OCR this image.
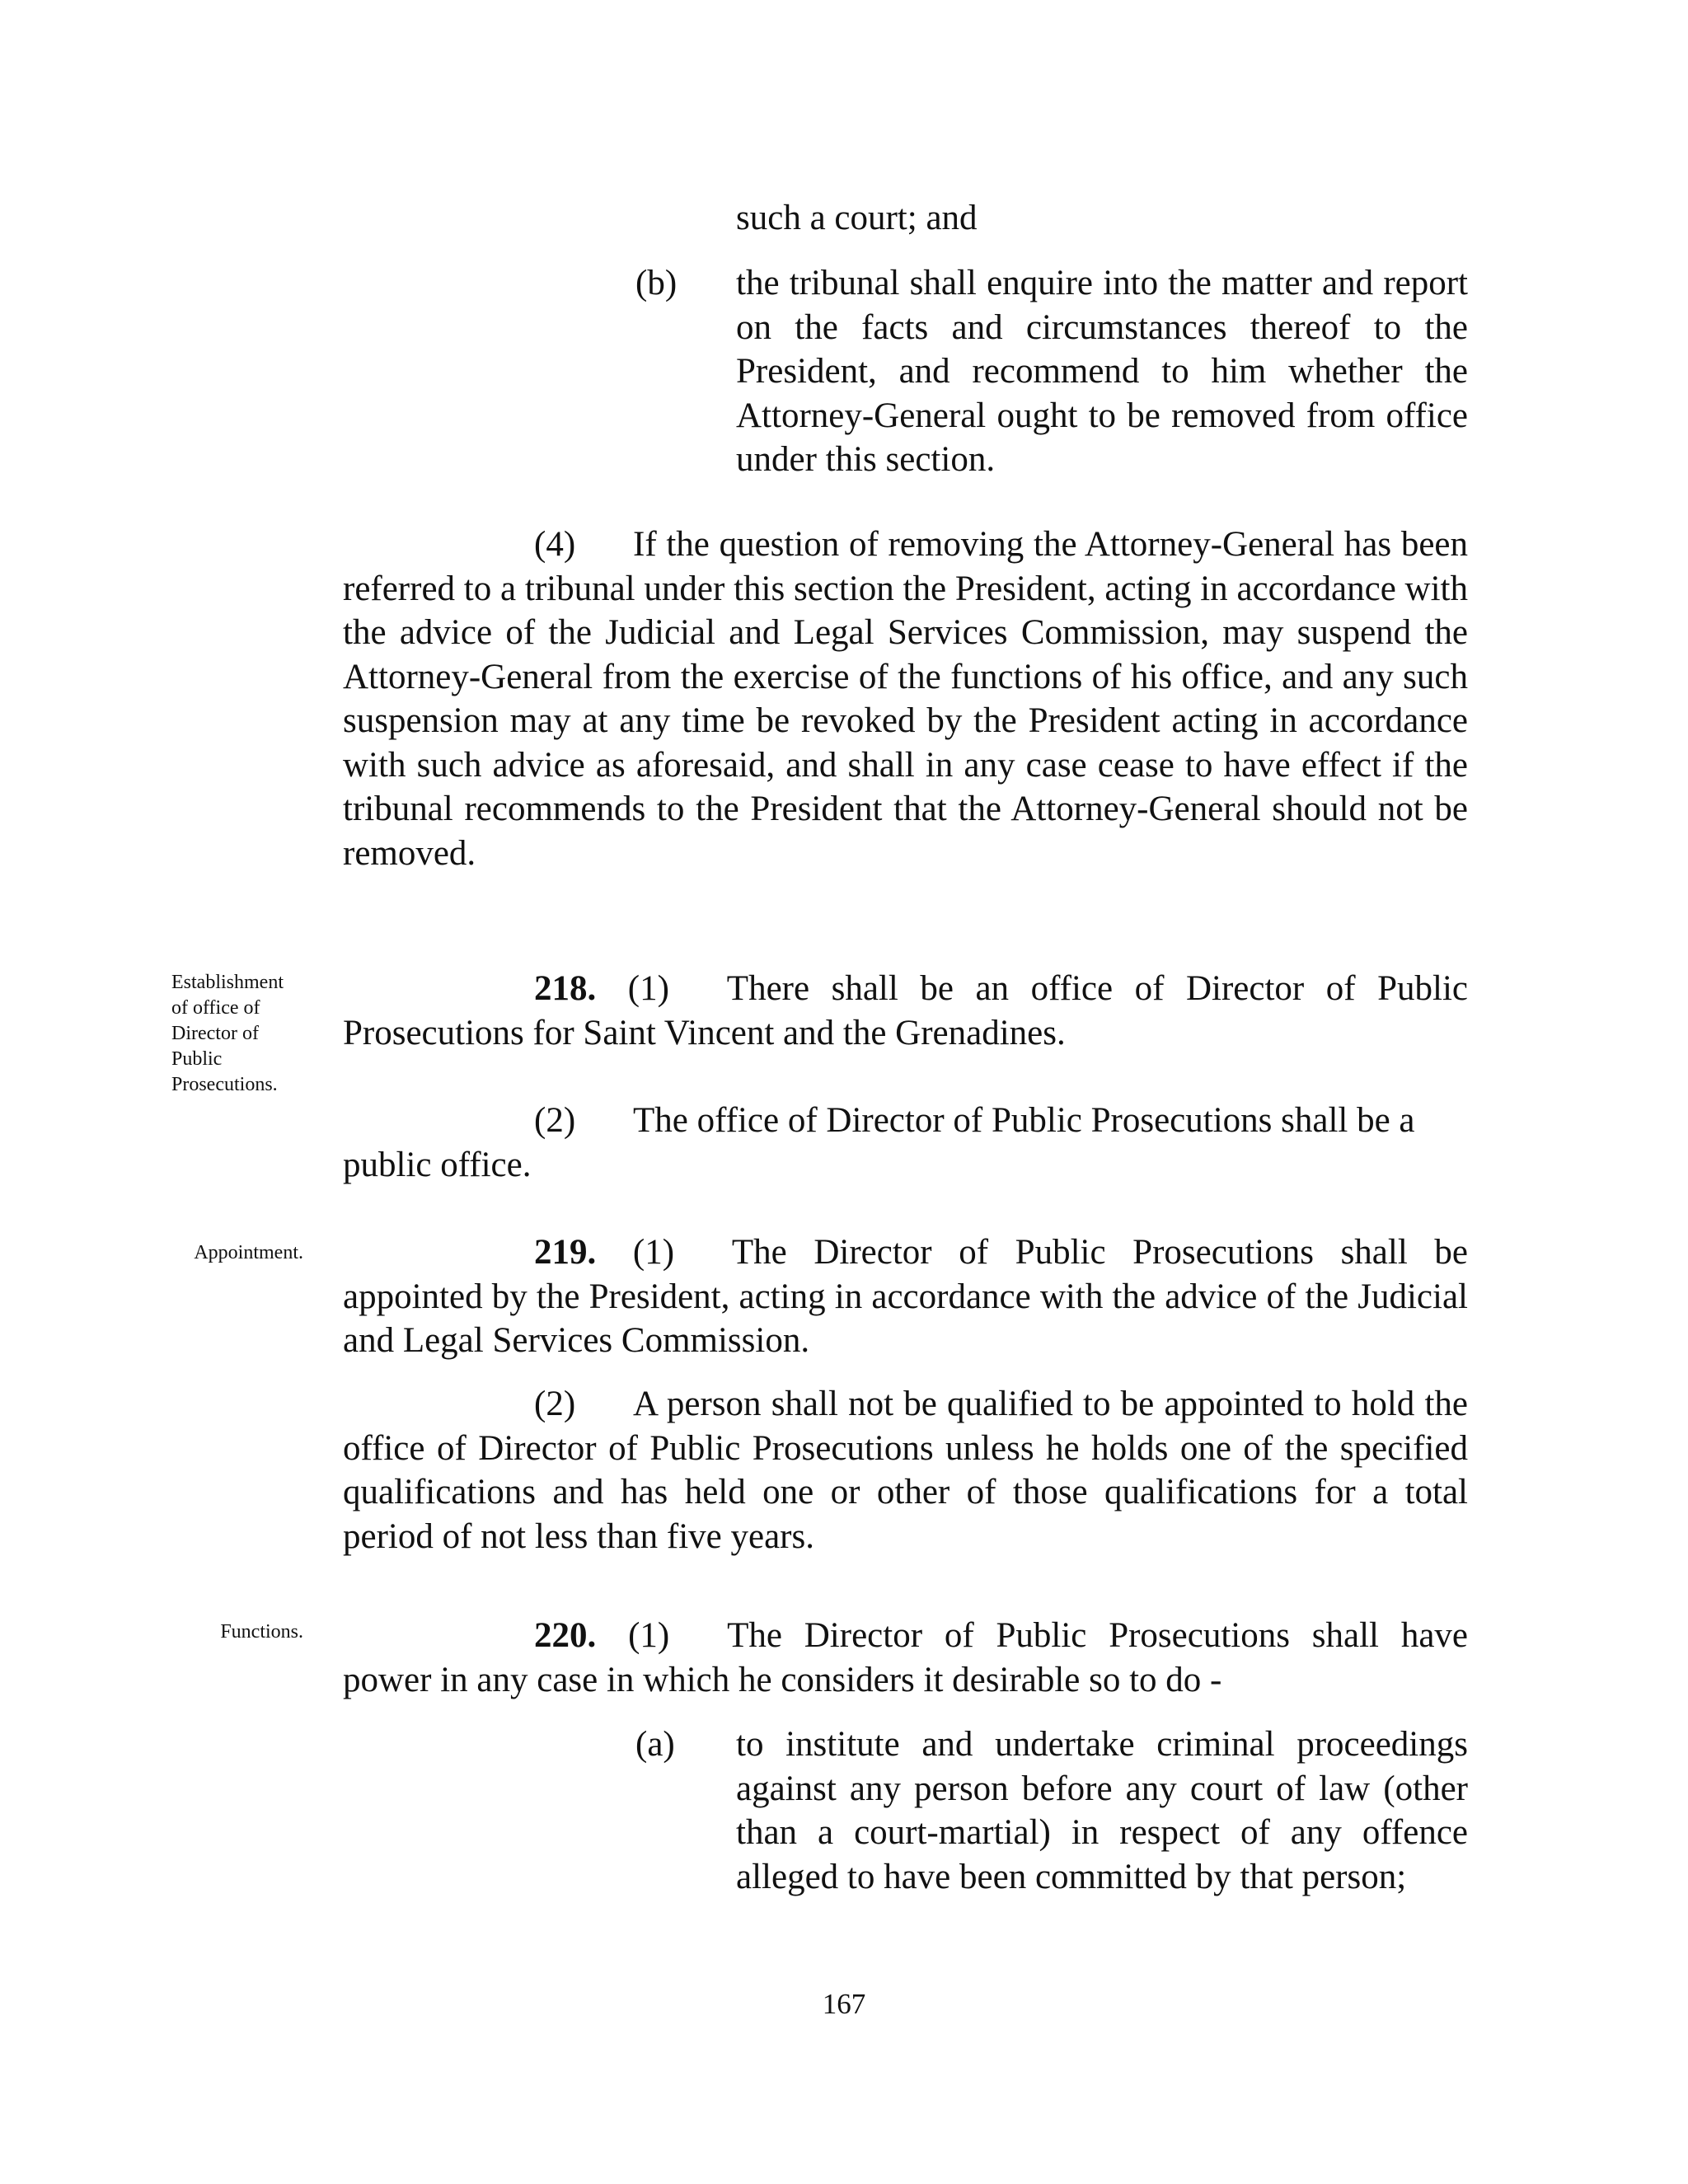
such a court; and
(b) the tribunal shall enquire into the matter and report on the facts and circumstances thereof to the President, and recommend to him whether the Attorney-General ought to be removed from office under this section.
(4) If the question of removing the Attorney-General has been referred to a tribunal under this section the President, acting in accordance with the advice of the Judicial and Legal Services Commission, may suspend the Attorney-General from the exercise of the functions of his office, and any such suspension may at any time be revoked by the President acting in accordance with such advice as aforesaid, and shall in any case cease to have effect if the tribunal recommends to the President that the Attorney-General should not be removed.
Establishment of office of Director of Public Prosecutions.
218. (1) There shall be an office of Director of Public Prosecutions for Saint Vincent and the Grenadines.
(2) The office of Director of Public Prosecutions shall be a public office.
Appointment.	219. (1) The Director of Public Prosecutions shall be appointed by the President, acting in accordance with the advice of the Judicial and Legal Services Commission.
(2) A person shall not be qualified to be appointed to hold the office of Director of Public Prosecutions unless he holds one of the specified qualifications and has held one or other of those qualifications for a total period of not less than five years.
Functions.	220. (1) The Director of Public Prosecutions shall have power in any case in which he considers it desirable so to do -
(a) to institute and undertake criminal proceedings against any person before any court of law (other than a court-martial) in respect of any offence alleged to have been committed by that person;
167
